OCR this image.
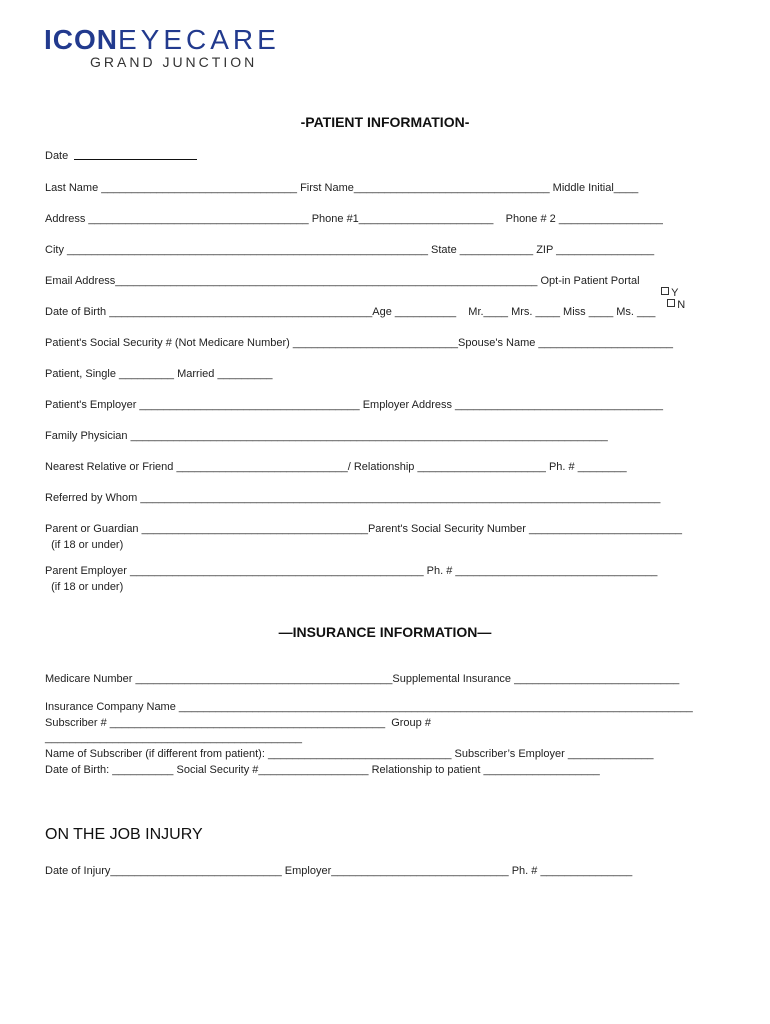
ICONEYECARE
GRAND JUNCTION
-PATIENT INFORMATION-
Date
Last Name ________________________________ First Name________________________________ Middle Initial____
Address ____________________________________ Phone #1______________________    Phone # 2 _________________
City ___________________________________________________________ State ____________ ZIP ________________
Email Address_____________________________________________________________________ Opt-in Patient Portal

Y
N

Date of Birth ___________________________________________Age __________    Mr.____ Mrs. ____ Miss ____ Ms. ___
Patient's Social Security # (Not Medicare Number) ___________________________Spouse's Name ______________________
Patient, Single _________ Married _________
Patient's Employer ____________________________________ Employer Address __________________________________
Family Physician ______________________________________________________________________________
Nearest Relative or Friend ____________________________/ Relationship _____________________ Ph. # ________
Referred by Whom _____________________________________________________________________________________
Parent or Guardian _____________________________________Parent's Social Security Number _________________________
(if 18 or under)
Parent Employer ________________________________________________ Ph. # _________________________________
(if 18 or under)
—INSURANCE INFORMATION—
Medicare Number __________________________________________Supplemental Insurance ___________________________
Insurance Company Name ____________________________________________________________________________________
Subscriber # _____________________________________________  Group #
__________________________________________
Name of Subscriber (if different from patient): ______________________________ Subscriber’s Employer ______________
Date of Birth: __________ Social Security #__________________ Relationship to patient ___________________
ON THE JOB INJURY
Date of Injury____________________________ Employer_____________________________ Ph. # _______________
